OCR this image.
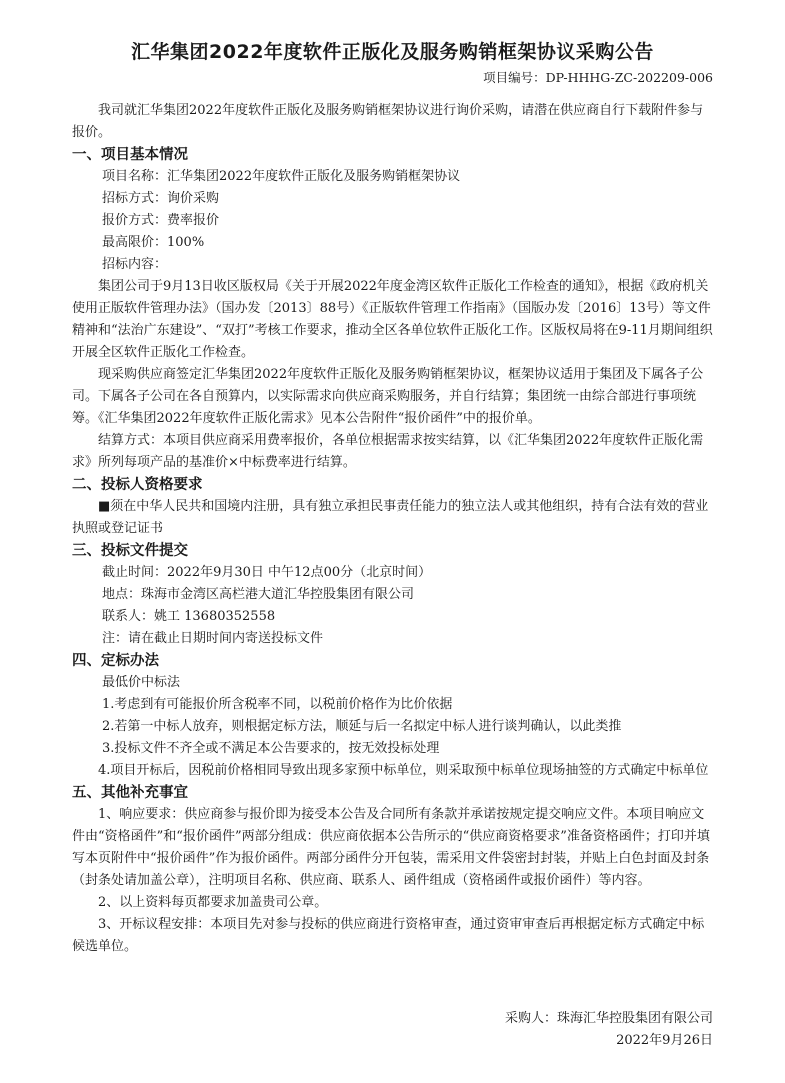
汇华集团2022年度软件正版化及服务购销框架协议采购公告
项目编号：DP-HHHG-ZC-202209-006

我司就汇华集团2022年度软件正版化及服务购销框架协议进行询价采购，请潜在供应商自行下载附件参与报价。

一、项目基本情况

项目名称：汇华集团2022年度软件正版化及服务购销框架协议

招标方式：询价采购

报价方式：费率报价

最高限价：100%

招标内容：

集团公司于9月13日收区版权局《关于开展2022年度金湾区软件正版化工作检查的通知》，根据《政府机关使用正版软件管理办法》（国办发〔2013〕88号）《正版软件管理工作指南》（国版办发〔2016〕13号）等文件精神和“法治广东建设”、“双打”考核工作要求，推动全区各单位软件正版化工作。区版权局将在9-11月期间组织开展全区软件正版化工作检查。

现采购供应商签定汇华集团2022年度软件正版化及服务购销框架协议，框架协议适用于集团及下属各子公司。下属各子公司在各自预算内，以实际需求向供应商采购服务，并自行结算；集团统一由综合部进行事项统筹。《汇华集团2022年度软件正版化需求》见本公告附件“报价函件”中的报价单。

结算方式：本项目供应商采用费率报价，各单位根据需求按实结算，以《汇华集团2022年度软件正版化需求》所列每项产品的基准价×中标费率进行结算。

二、投标人资格要求

■须在中华人民共和国境内注册，具有独立承担民事责任能力的独立法人或其他组织，持有合法有效的营业执照或登记证书

三、投标文件提交

截止时间：2022年9月30日 中午12点00分（北京时间）

地点：珠海市金湾区高栏港大道汇华控股集团有限公司

联系人：姚工 13680352558

注：请在截止日期时间内寄送投标文件

四、定标办法

最低价中标法

1.考虑到有可能报价所含税率不同，以税前价格作为比价依据

2.若第一中标人放弃，则根据定标方法，顺延与后一名拟定中标人进行谈判确认，以此类推

3.投标文件不齐全或不满足本公告要求的，按无效投标处理

4.项目开标后，因税前价格相同导致出现多家预中标单位，则采取预中标单位现场抽签的方式确定中标单位

五、其他补充事宜

1、响应要求：供应商参与报价即为接受本公告及合同所有条款并承诺按规定提交响应文件。本项目响应文件由“资格函件”和“报价函件”两部分组成：供应商依据本公告所示的“供应商资格要求”准备资格函件；打印并填写本页附件中“报价函件”作为报价函件。两部分函件分开包装，需采用文件袋密封封装，并贴上白色封面及封条（封条处请加盖公章），注明项目名称、供应商、联系人、函件组成（资格函件或报价函件）等内容。

2、以上资料每页都要求加盖贵司公章。

3、开标议程安排：本项目先对参与投标的供应商进行资格审查，通过资审审查后再根据定标方式确定中标候选单位。

采购人：珠海汇华控股集团有限公司
2022年9月26日
